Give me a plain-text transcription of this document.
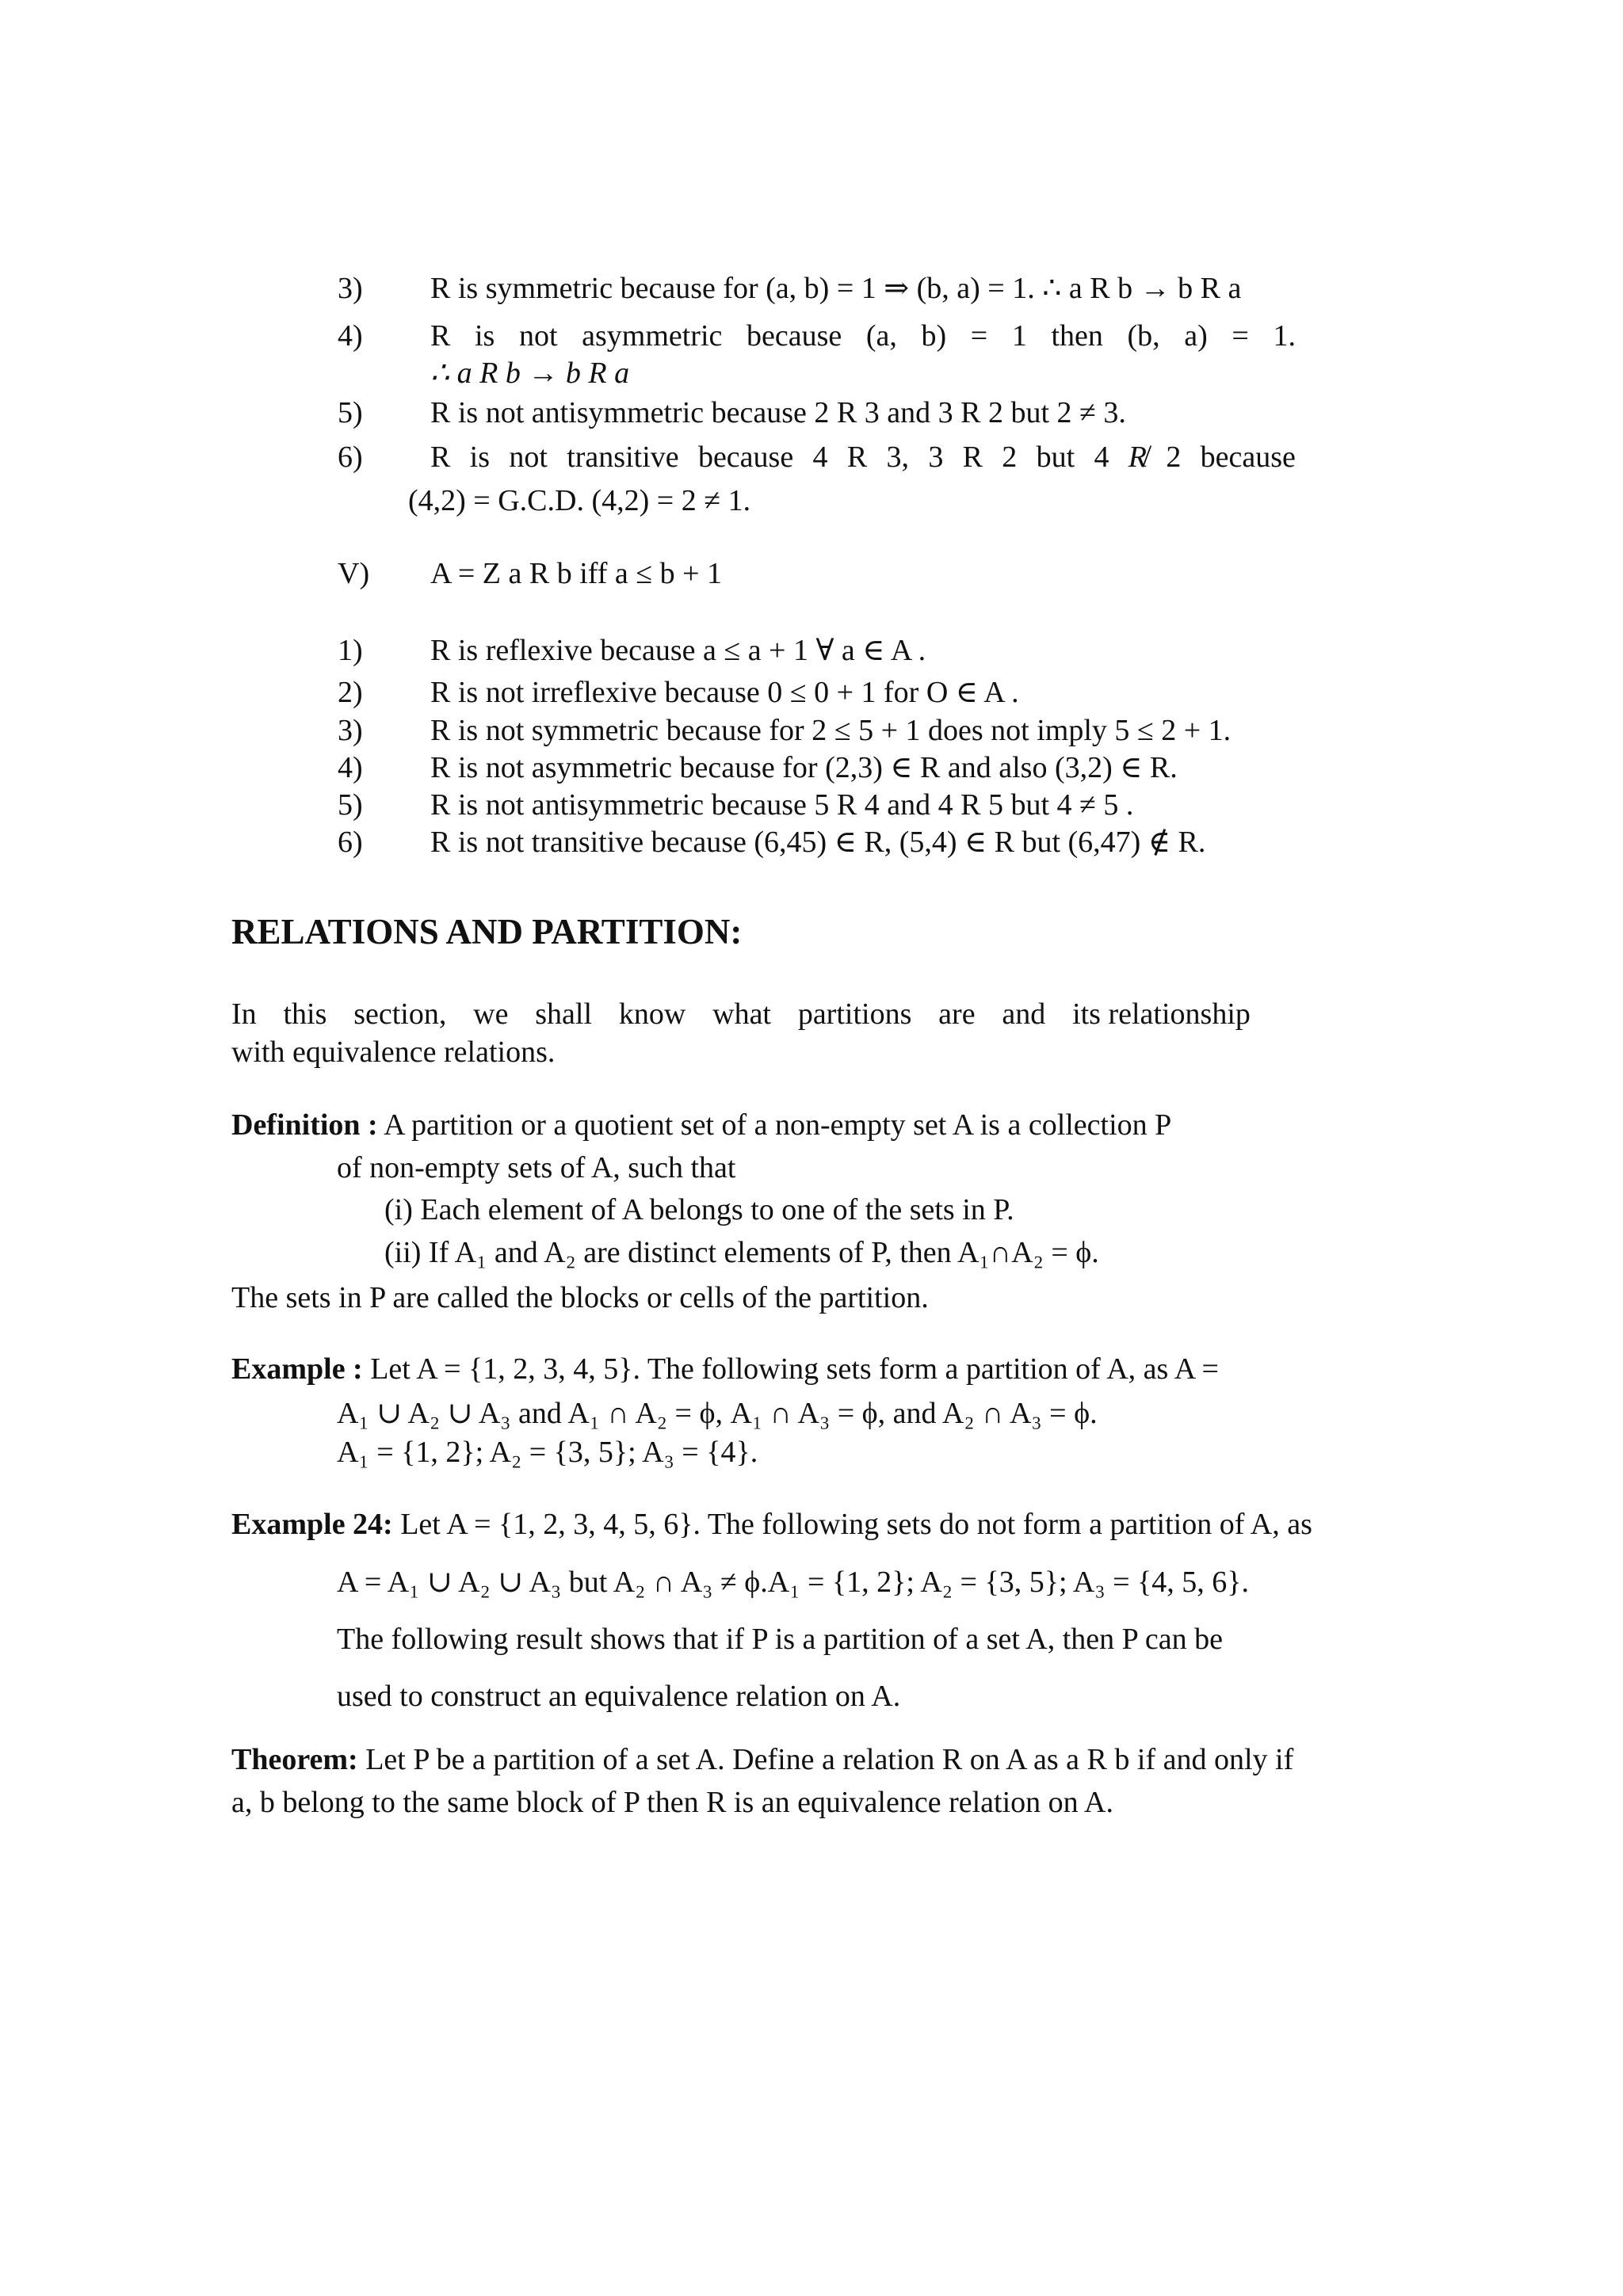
3) R is symmetric because for (a, b) = 1 ⇒ (b, a) = 1. ∴ a R b → b R a
4) R is not asymmetric because (a, b) = 1 then (b, a) = 1.
∴ a R b → b R a
5) R is not antisymmetric because 2 R 3 and 3 R 2 but 2 ≠ 3.
6) R is not transitive because 4 R 3, 3 R 2 but 4 R̸ 2 because
(4,2) = G.C.D. (4,2) = 2 ≠ 1.
V) A = Z a R b iff a ≤ b + 1
1) R is reflexive because a ≤ a + 1 ∀ a ∈ A .
2) R is not irreflexive because 0 ≤ 0 + 1 for O ∈ A .
3) R is not symmetric because for 2 ≤ 5 + 1 does not imply 5 ≤ 2 + 1.
4) R is not asymmetric because for (2,3) ∈ R and also (3,2) ∈ R.
5) R is not antisymmetric because 5 R 4 and 4 R 5 but 4 ≠ 5 .
6) R is not transitive because (6,45) ∈ R, (5,4) ∈ R but (6,47) ∉ R.
RELATIONS AND PARTITION:
In this section, we shall know what partitions are and its relationship
with equivalence relations.
Definition : A partition or a quotient set of a non-empty set A is a collection P
of non-empty sets of A, such that
(i) Each element of A belongs to one of the sets in P.
(ii) If A₁ and A₂ are distinct elements of P, then A₁∩A₂ = ϕ.
The sets in P are called the blocks or cells of the partition.
Example : Let A = {1, 2, 3, 4, 5}. The following sets form a partition of A, as A =
A₁ ∪ A₂ ∪ A₃ and A₁ ∩ A₂ = ϕ, A₁ ∩ A₃ = ϕ, and A₂ ∩ A₃ = ϕ.
A₁ = {1, 2}; A₂ = {3, 5}; A₃ = {4}.
Example 24: Let A = {1, 2, 3, 4, 5, 6}. The following sets do not form a partition of A, as
A = A₁ ∪ A₂ ∪ A₃ but A₂ ∩ A₃ ≠ ϕ.A₁ = {1, 2}; A₂ = {3, 5}; A₃ = {4, 5, 6}.
The following result shows that if P is a partition of a set A, then P can be
used to construct an equivalence relation on A.
Theorem: Let P be a partition of a set A. Define a relation R on A as a R b if and only if
a, b belong to the same block of P then R is an equivalence relation on A.
